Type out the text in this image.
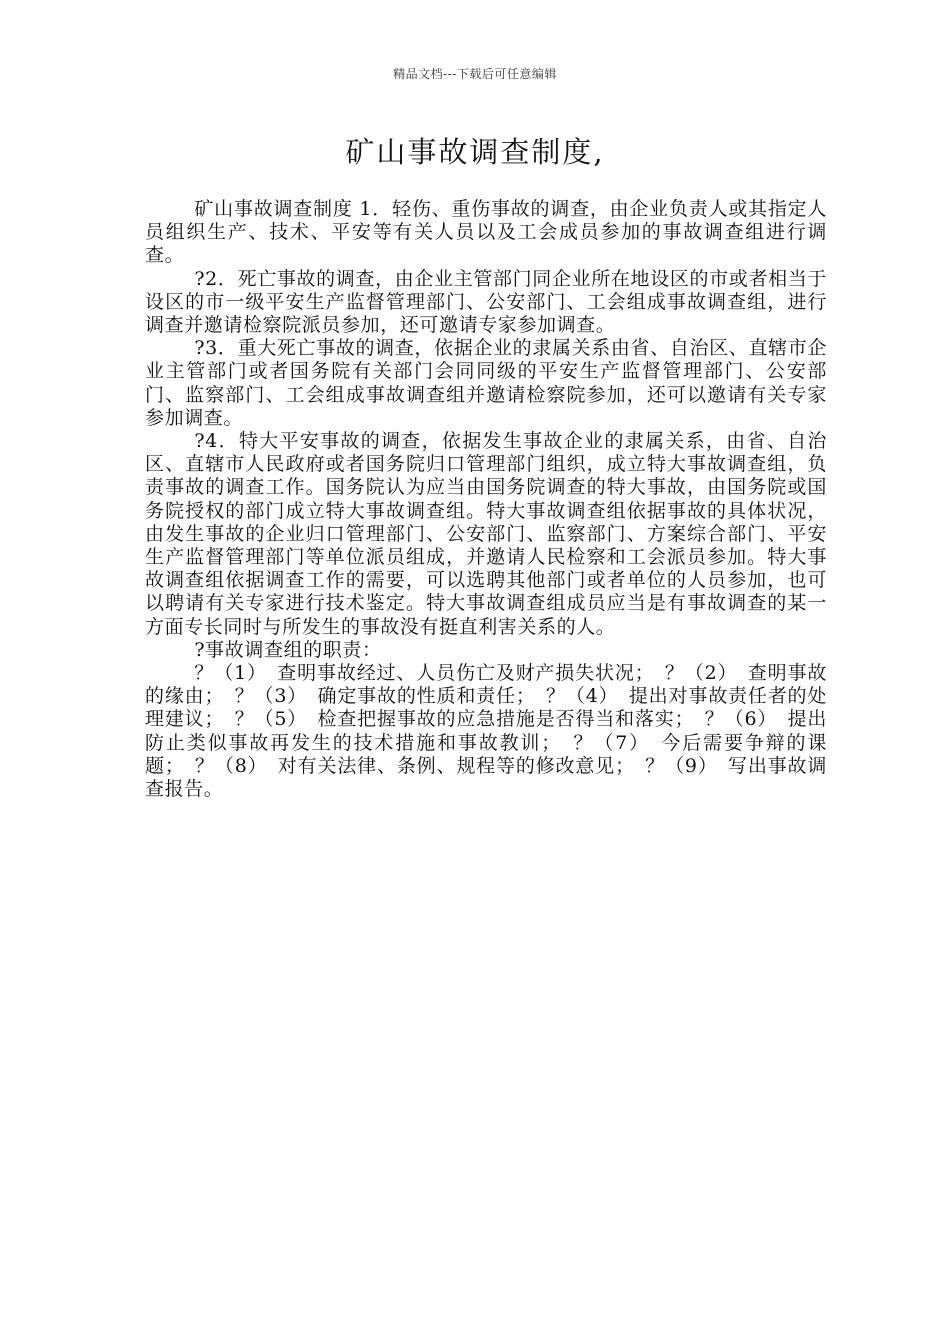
精品文档---下载后可任意编辑
矿山事故调查制度,

矿山事故调查制度 1．轻伤、重伤事故的调查，由企业负责人或其指定人员组织生产、技术、平安等有关人员以及工会成员参加的事故调查组进行调查。

?2．死亡事故的调查，由企业主管部门同企业所在地设区的市或者相当于设区的市一级平安生产监督管理部门、公安部门、工会组成事故调查组，进行调查并邀请检察院派员参加，还可邀请专家参加调查。

?3．重大死亡事故的调查，依据企业的隶属关系由省、自治区、直辖市企业主管部门或者国务院有关部门会同同级的平安生产监督管理部门、公安部门、监察部门、工会组成事故调查组并邀请检察院参加，还可以邀请有关专家参加调查。

?4．特大平安事故的调查，依据发生事故企业的隶属关系，由省、自治区、直辖市人民政府或者国务院归口管理部门组织，成立特大事故调查组，负责事故的调查工作。国务院认为应当由国务院调查的特大事故，由国务院或国务院授权的部门成立特大事故调查组。特大事故调查组依据事故的具体状况，由发生事故的企业归口管理部门、公安部门、监察部门、方案综合部门、平安生产监督管理部门等单位派员组成，并邀请人民检察和工会派员参加。特大事故调查组依据调查工作的需要，可以选聘其他部门或者单位的人员参加，也可以聘请有关专家进行技术鉴定。特大事故调查组成员应当是有事故调查的某一方面专长同时与所发生的事故没有挺直利害关系的人。

?事故调查组的职责：

？（1）　查明事故经过、人员伤亡及财产损失状况；　？（2）　查明事故的缘由；　？（3）　确定事故的性质和责任；　？（4）　提出对事故责任者的处理建议；　？（5）　检查把握事故的应急措施是否得当和落实；　？（6）　提出防止类似事故再发生的技术措施和事故教训；　？（7）　今后需要争辩的课题；　？（8）　对有关法律、条例、规程等的修改意见；　？（9）　写出事故调查报告。
